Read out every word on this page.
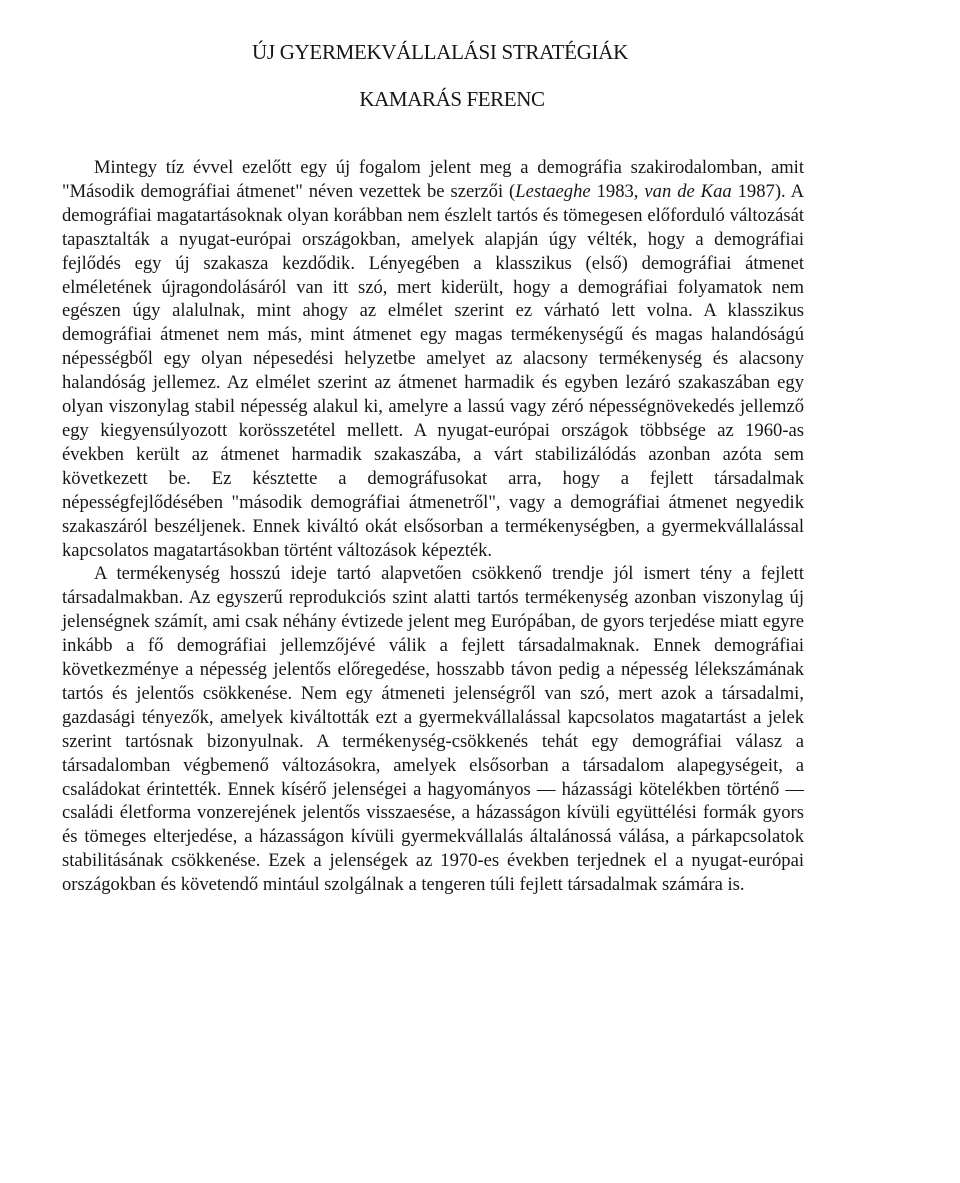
ÚJ GYERMEKVÁLLALÁSI STRATÉGIÁK
KAMARÁS FERENC

Mintegy tíz évvel ezelőtt egy új fogalom jelent meg a demográfia szakirodalomban, amit "Második demográfiai átmenet" néven vezettek be szerzői (Lestaeghe 1983, van de Kaa 1987). A demográfiai magatartásoknak olyan korábban nem észlelt tartós és tömegesen előforduló változását tapasztalták a nyugat-európai országokban, amelyek alapján úgy vélték, hogy a demográfiai fejlődés egy új szakasza kezdődik. Lényegében a klasszikus (első) demográfiai átmenet elméletének újragondolásáról van itt szó, mert kiderült, hogy a demográfiai folyamatok nem egészen úgy alalulnak, mint ahogy az elmélet szerint ez várható lett volna. A klasszikus demográfiai átmenet nem más, mint átmenet egy magas termékenységű és magas halandóságú népességből egy olyan népesedési helyzetbe amelyet az alacsony termékenység és alacsony halandóság jellemez. Az elmélet szerint az átmenet harmadik és egyben lezáró szakaszában egy olyan viszonylag stabil népesség alakul ki, amelyre a lassú vagy zéró népességnövekedés jellemző egy kiegyensúlyozott korösszetétel mellett. A nyugat-európai országok többsége az 1960-as években került az átmenet harmadik szakaszába, a várt stabilizálódás azonban azóta sem következett be. Ez késztette a demográfusokat arra, hogy a fejlett társadalmak népességfejlődésében "második demográfiai átmenetről", vagy a demográfiai átmenet negyedik szakaszáról beszéljenek. Ennek kiváltó okát elsősorban a termékenységben, a gyermekvállalással kapcsolatos magatartásokban történt változások képezték.

A termékenység hosszú ideje tartó alapvetően csökkenő trendje jól ismert tény a fejlett társadalmakban. Az egyszerű reprodukciós szint alatti tartós termékenység azonban viszonylag új jelenségnek számít, ami csak néhány évtizede jelent meg Európában, de gyors terjedése miatt egyre inkább a fő demográfiai jellemzőjévé válik a fejlett társadalmaknak. Ennek demográfiai következménye a népesség jelentős előregedése, hosszabb távon pedig a népesség lélekszámának tartós és jelentős csökkenése. Nem egy átmeneti jelenségről van szó, mert azok a társadalmi, gazdasági tényezők, amelyek kiváltották ezt a gyermekvállalással kapcsolatos magatartást a jelek szerint tartósnak bizonyulnak. A termékenység-csökkenés tehát egy demográfiai válasz a társadalomban végbemenő változásokra, amelyek elsősorban a társadalom alapegységeit, a családokat érintették. Ennek kísérő jelenségei a hagyományos — házassági kötelékben történő — családi életforma vonzerejének jelentős visszaesése, a házasságon kívüli együttélési formák gyors és tömeges elterjedése, a házasságon kívüli gyermekvállalás általánossá válása, a párkapcsolatok stabilitásának csökkenése. Ezek a jelenségek az 1970-es években terjednek el a nyugat-európai országokban és követendő mintául szolgálnak a tengeren túli fejlett társadalmak számára is.
